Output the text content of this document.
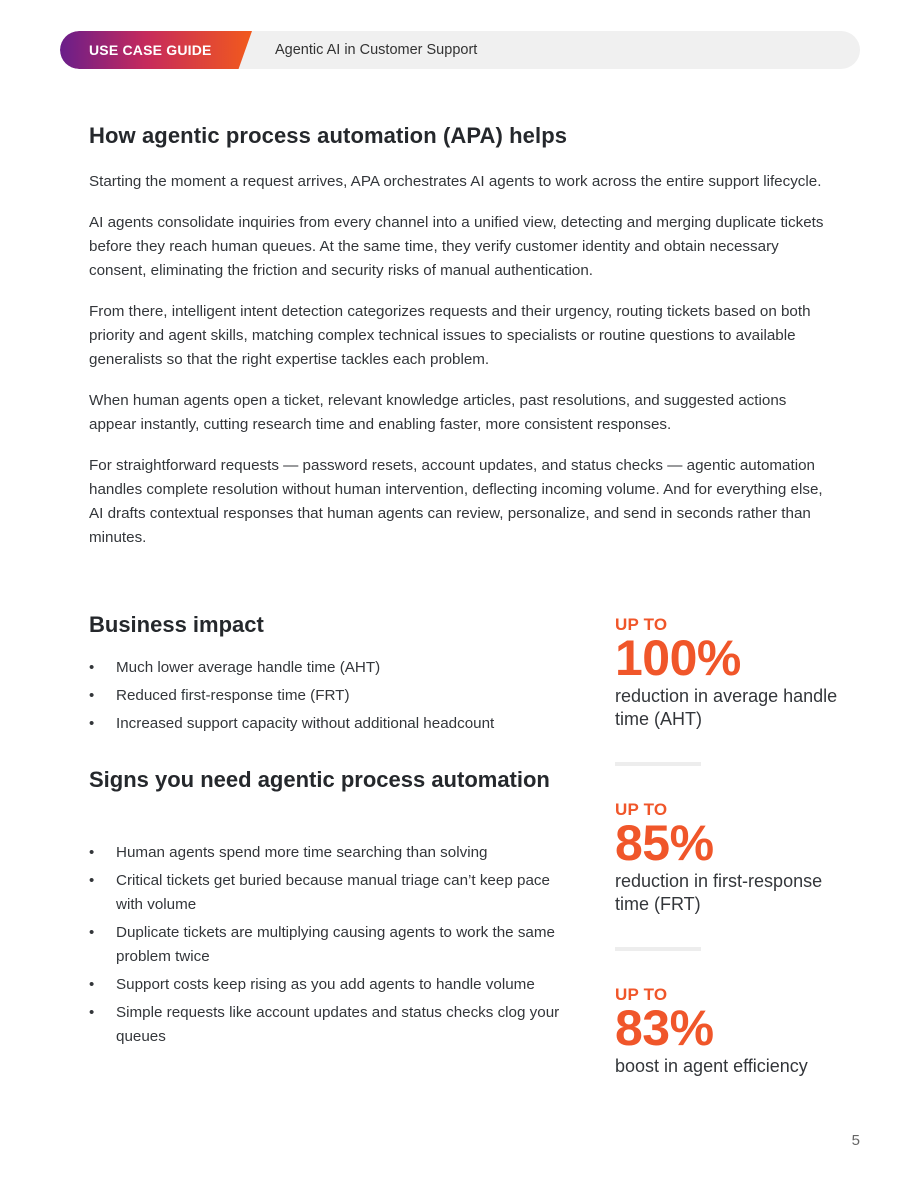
USE CASE GUIDE	Agentic AI in Customer Support
How agentic process automation (APA) helps

Starting the moment a request arrives, APA orchestrates AI agents to work across the entire support lifecycle.

AI agents consolidate inquiries from every channel into a unified view, detecting and merging duplicate tickets before they reach human queues. At the same time, they verify customer identity and obtain necessary consent, eliminating the friction and security risks of manual authentication.

From there, intelligent intent detection categorizes requests and their urgency, routing tickets based on both priority and agent skills, matching complex technical issues to specialists or routine questions to available generalists so that the right expertise tackles each problem.

When human agents open a ticket, relevant knowledge articles, past resolutions, and suggested actions appear instantly, cutting research time and enabling faster, more consistent responses.

For straightforward requests — password resets, account updates, and status checks — agentic automation handles complete resolution without human intervention, deflecting incoming volume. And for everything else, AI drafts contextual responses that human agents can review, personalize, and send in seconds rather than minutes.

Business impact
• Much lower average handle time (AHT)
• Reduced first-response time (FRT)
• Increased support capacity without additional headcount
Signs you need agentic process automation
• Human agents spend more time searching than solving
• Critical tickets get buried because manual triage can’t keep pace with volume
• Duplicate tickets are multiplying causing agents to work the same problem twice
• Support costs keep rising as you add agents to handle volume
• Simple requests like account updates and status checks clog your queues
UP TO
100%
reduction in average handle time (AHT)
UP TO
85%
reduction in first-response time (FRT)
UP TO
83%
boost in agent efficiency
5
